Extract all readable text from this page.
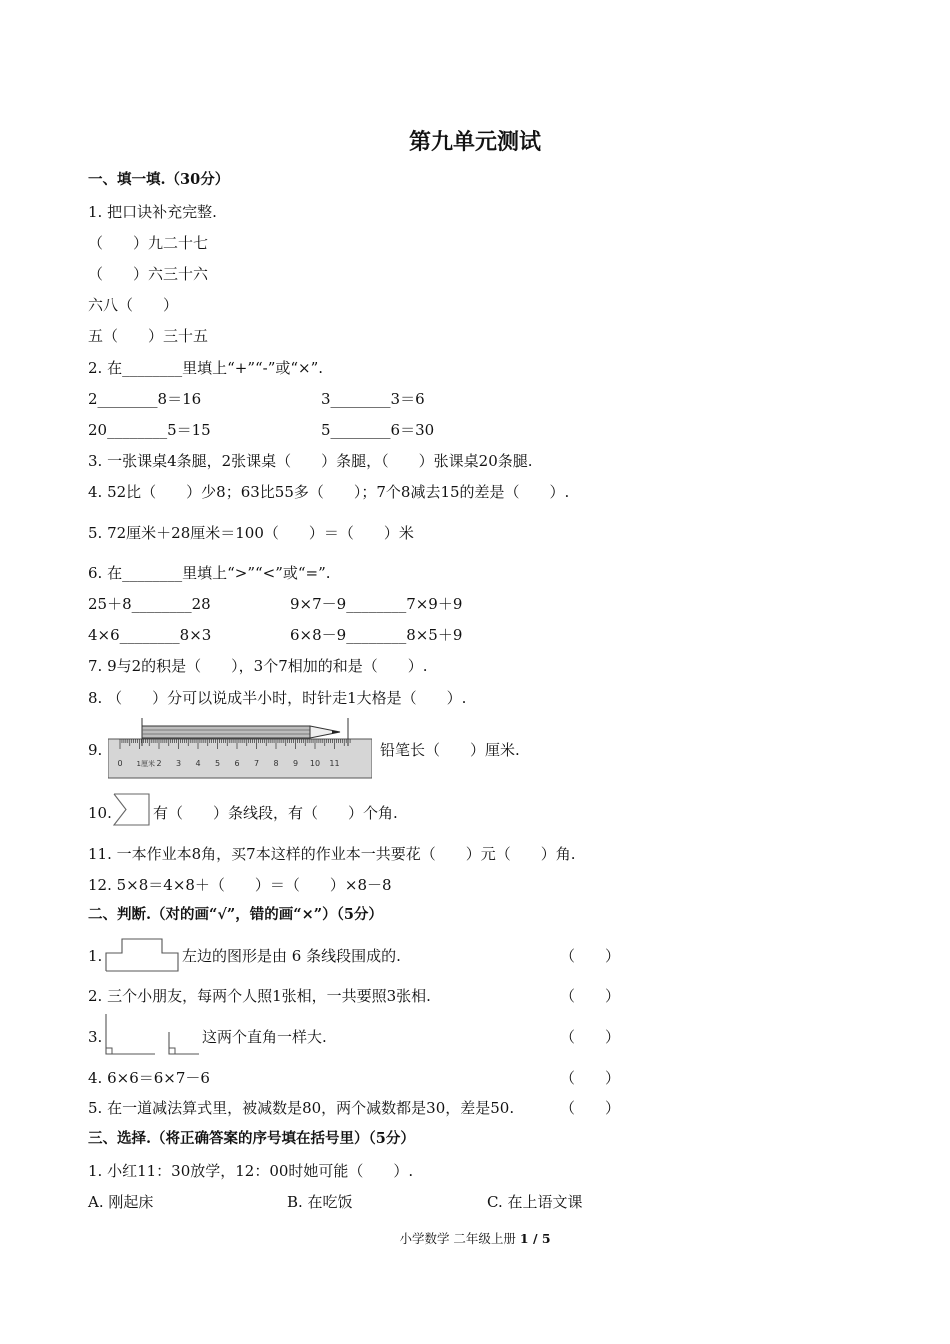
第九单元测试
一、填一填.（30分）
1. 把口诀补充完整.
（　　）九二十七
（　　）六三十六
六八（　　）
五（　　）三十五
2. 在________里填上“+”“-”或“×”.
2________8＝16	3________3＝6
20________5＝15	5________6＝30
3. 一张课桌4条腿，2张课桌（　　）条腿，（　　）张课桌20条腿.
4. 52比（　　）少8；63比55多（　　）；7个8减去15的差是（　　）.
5. 72厘米＋28厘米＝100（　　）＝（　　）米
6. 在________里填上“>”“<”或“=”.
25＋8________28	9×7－9________7×9＋9
4×6________8×3	6×8－9________8×5＋9
7. 9与2的积是（　　），3个7相加的和是（　　）.
8. （　　）分可以说成半小时，时针走1大格是（　　）.
9.
0 1厘米 2 3 4 5 6 7 8 9 10 11
铅笔长（　　）厘米.
10.	有（　　）条线段，有（　　）个角.
11. 一本作业本8角，买7本这样的作业本一共要花（　　）元（　　）角.
12. 5×8＝4×8＋（　　）＝（　　）×8－8
二、判断.（对的画“√”，错的画“×”）（5分）
1.	左边的图形是由 6 条线段围成的.	（　　）
2. 三个小朋友，每两个人照1张相，一共要照3张相.	（　　）
3.	这两个直角一样大.	（　　）
4. 6×6＝6×7－6	（　　）
5. 在一道减法算式里，被减数是80，两个减数都是30，差是50.	（　　）
三、选择.（将正确答案的序号填在括号里）（5分）
1. 小红11：30放学，12：00时她可能（　　）.
A. 刚起床	B. 在吃饭	C. 在上语文课
小学数学 二年级上册 1 / 5
